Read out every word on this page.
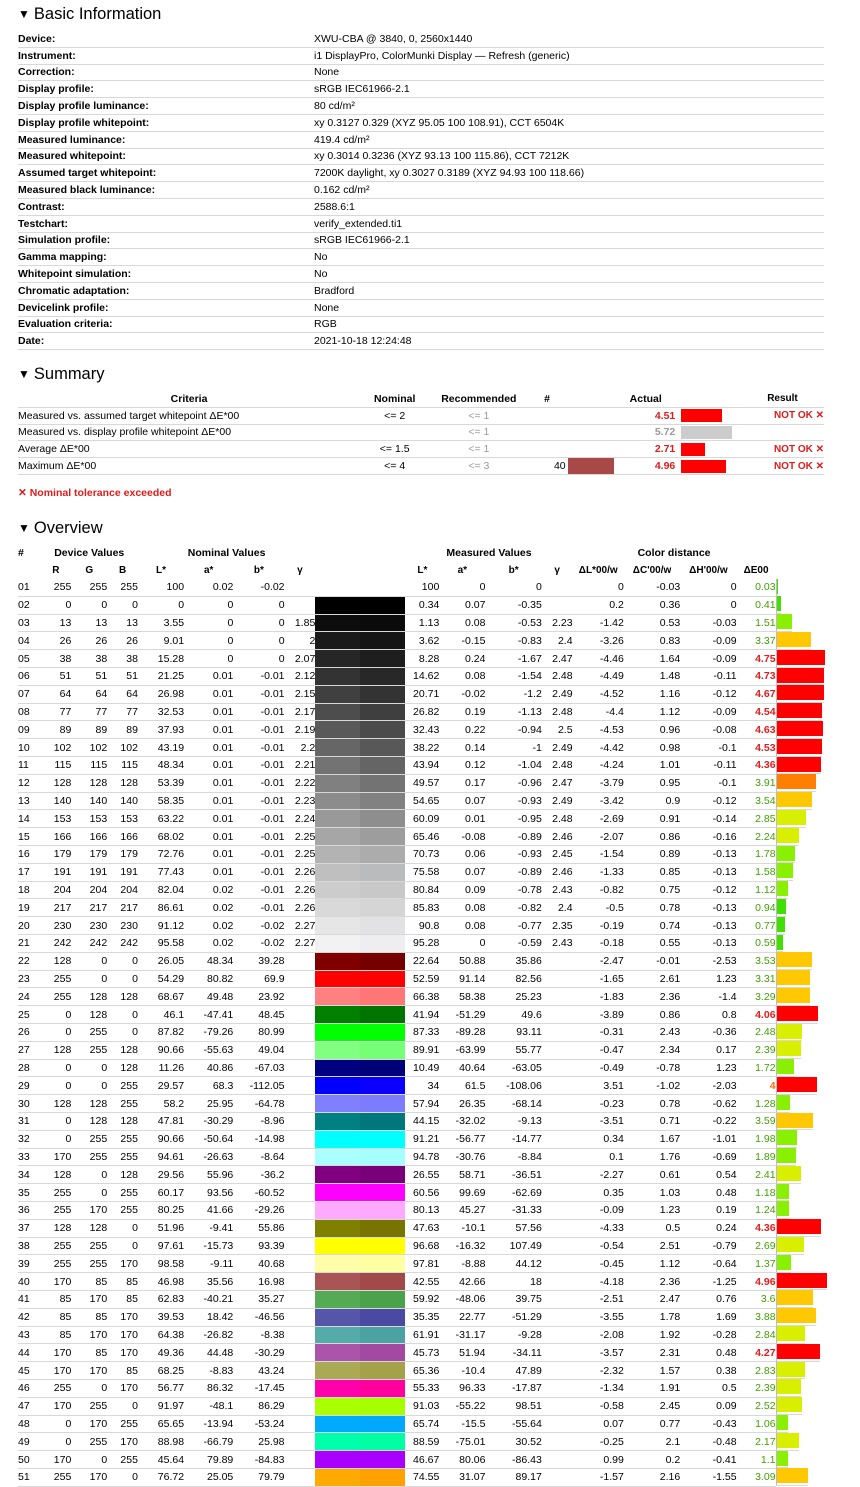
▼ Basic Information
Device:	XWU-CBA @ 3840, 0, 2560x1440
Instrument:	i1 DisplayPro, ColorMunki Display — Refresh (generic)
Correction:	None
Display profile:	sRGB IEC61966-2.1
Display profile luminance:	80 cd/m²
Display profile whitepoint:	xy 0.3127 0.329 (XYZ 95.05 100 108.91), CCT 6504K
Measured luminance:	419.4 cd/m²
Measured whitepoint:	xy 0.3014 0.3236 (XYZ 93.13 100 115.86), CCT 7212K
Assumed target whitepoint:	7200K daylight, xy 0.3027 0.3189 (XYZ 94.93 100 118.66)
Measured black luminance:	0.162 cd/m²
Contrast:	2588.6:1
Testchart:	verify_extended.ti1
Simulation profile:	sRGB IEC61966-2.1
Gamma mapping:	No
Whitepoint simulation:	No
Chromatic adaptation:	Bradford
Devicelink profile:	None
Evaluation criteria:	RGB
Date:	2021-10-18 12:24:48
▼ Summary
Criteria	Nominal	Recommended	#		Actual		Result
Measured vs. assumed target whitepoint ΔE*00	<= 2	<= 1			4.51		NOT OK ✕
Measured vs. display profile whitepoint ΔE*00		<= 1			5.72		
Average ΔE*00	<= 1.5	<= 1			2.71		NOT OK ✕
Maximum ΔE*00	<= 4	<= 3	40		4.96		NOT OK ✕
✕ Nominal tolerance exceeded
▼ Overview
#	Device Values			Nominal Values					Measured Values				Color distance				
	R	G	B	L*	a*	b*	γ		L*	a*	b*	γ	ΔL*00/w	ΔC'00/w	ΔH'00/w	ΔE00	
01	255	255	255	100	0.02	-0.02			100	0	0		0	-0.03	0	0.03	
02	0	0	0	0	0	0			0.34	0.07	-0.35		0.2	0.36	0	0.41	
03	13	13	13	3.55	0	0	1.85		1.13	0.08	-0.53	2.23	-1.42	0.53	-0.03	1.51	
04	26	26	26	9.01	0	0	2		3.62	-0.15	-0.83	2.4	-3.26	0.83	-0.09	3.37	
05	38	38	38	15.28	0	0	2.07		8.28	0.24	-1.67	2.47	-4.46	1.64	-0.09	4.75	
06	51	51	51	21.25	0.01	-0.01	2.12		14.62	0.08	-1.54	2.48	-4.49	1.48	-0.11	4.73	
07	64	64	64	26.98	0.01	-0.01	2.15		20.71	-0.02	-1.2	2.49	-4.52	1.16	-0.12	4.67	
08	77	77	77	32.53	0.01	-0.01	2.17		26.82	0.19	-1.13	2.48	-4.4	1.12	-0.09	4.54	
09	89	89	89	37.93	0.01	-0.01	2.19		32.43	0.22	-0.94	2.5	-4.53	0.96	-0.08	4.63	
10	102	102	102	43.19	0.01	-0.01	2.2		38.22	0.14	-1	2.49	-4.42	0.98	-0.1	4.53	
11	115	115	115	48.34	0.01	-0.01	2.21		43.94	0.12	-1.04	2.48	-4.24	1.01	-0.11	4.36	
12	128	128	128	53.39	0.01	-0.01	2.22		49.57	0.17	-0.96	2.47	-3.79	0.95	-0.1	3.91	
13	140	140	140	58.35	0.01	-0.01	2.23		54.65	0.07	-0.93	2.49	-3.42	0.9	-0.12	3.54	
14	153	153	153	63.22	0.01	-0.01	2.24		60.09	0.01	-0.95	2.48	-2.69	0.91	-0.14	2.85	
15	166	166	166	68.02	0.01	-0.01	2.25		65.46	-0.08	-0.89	2.46	-2.07	0.86	-0.16	2.24	
16	179	179	179	72.76	0.01	-0.01	2.25		70.73	0.06	-0.93	2.45	-1.54	0.89	-0.13	1.78	
17	191	191	191	77.43	0.01	-0.01	2.26		75.58	0.07	-0.89	2.46	-1.33	0.85	-0.13	1.58	
18	204	204	204	82.04	0.02	-0.01	2.26		80.84	0.09	-0.78	2.43	-0.82	0.75	-0.12	1.12	
19	217	217	217	86.61	0.02	-0.01	2.26		85.83	0.08	-0.82	2.4	-0.5	0.78	-0.13	0.94	
20	230	230	230	91.12	0.02	-0.02	2.27		90.8	0.08	-0.77	2.35	-0.19	0.74	-0.13	0.77	
21	242	242	242	95.58	0.02	-0.02	2.27		95.28	0	-0.59	2.43	-0.18	0.55	-0.13	0.59	
22	128	0	0	26.05	48.34	39.28			22.64	50.88	35.86		-2.47	-0.01	-2.53	3.53	
23	255	0	0	54.29	80.82	69.9			52.59	91.14	82.56		-1.65	2.61	1.23	3.31	
24	255	128	128	68.67	49.48	23.92			66.38	58.38	25.23		-1.83	2.36	-1.4	3.29	
25	0	128	0	46.1	-47.41	48.45			41.94	-51.29	49.6		-3.89	0.86	0.8	4.06	
26	0	255	0	87.82	-79.26	80.99			87.33	-89.28	93.11		-0.31	2.43	-0.36	2.48	
27	128	255	128	90.66	-55.63	49.04			89.91	-63.99	55.77		-0.47	2.34	0.17	2.39	
28	0	0	128	11.26	40.86	-67.03			10.49	40.64	-63.05		-0.49	-0.78	1.23	1.72	
29	0	0	255	29.57	68.3	-112.05			34	61.5	-108.06		3.51	-1.02	-2.03	4	
30	128	128	255	58.2	25.95	-64.78			57.94	26.35	-68.14		-0.23	0.78	-0.62	1.28	
31	0	128	128	47.81	-30.29	-8.96			44.15	-32.02	-9.13		-3.51	0.71	-0.22	3.59	
32	0	255	255	90.66	-50.64	-14.98			91.21	-56.77	-14.77		0.34	1.67	-1.01	1.98	
33	170	255	255	94.61	-26.63	-8.64			94.78	-30.76	-8.84		0.1	1.76	-0.69	1.89	
34	128	0	128	29.56	55.96	-36.2			26.55	58.71	-36.51		-2.27	0.61	0.54	2.41	
35	255	0	255	60.17	93.56	-60.52			60.56	99.69	-62.69		0.35	1.03	0.48	1.18	
36	255	170	255	80.25	41.66	-29.26			80.13	45.27	-31.33		-0.09	1.23	0.19	1.24	
37	128	128	0	51.96	-9.41	55.86			47.63	-10.1	57.56		-4.33	0.5	0.24	4.36	
38	255	255	0	97.61	-15.73	93.39			96.68	-16.32	107.49		-0.54	2.51	-0.79	2.69	
39	255	255	170	98.58	-9.11	40.68			97.81	-8.88	44.12		-0.45	1.12	-0.64	1.37	
40	170	85	85	46.98	35.56	16.98			42.55	42.66	18		-4.18	2.36	-1.25	4.96	
41	85	170	85	62.83	-40.21	35.27			59.92	-48.06	39.75		-2.51	2.47	0.76	3.6	
42	85	85	170	39.53	18.42	-46.56			35.35	22.77	-51.29		-3.55	1.78	1.69	3.88	
43	85	170	170	64.38	-26.82	-8.38			61.91	-31.17	-9.28		-2.08	1.92	-0.28	2.84	
44	170	85	170	49.36	44.48	-30.29			45.73	51.94	-34.11		-3.57	2.31	0.48	4.27	
45	170	170	85	68.25	-8.83	43.24			65.36	-10.4	47.89		-2.32	1.57	0.38	2.83	
46	255	0	170	56.77	86.32	-17.45			55.33	96.33	-17.87		-1.34	1.91	0.5	2.39	
47	170	255	0	91.97	-48.1	86.29			91.03	-55.22	98.51		-0.58	2.45	0.09	2.52	
48	0	170	255	65.65	-13.94	-53.24			65.74	-15.5	-55.64		0.07	0.77	-0.43	1.06	
49	0	255	170	88.98	-66.79	25.98			88.59	-75.01	30.52		-0.25	2.1	-0.48	2.17	
50	170	0	255	45.64	79.89	-84.83			46.67	80.06	-86.43		0.99	0.2	-0.41	1.1	
51	255	170	0	76.72	25.05	79.79			74.55	31.07	89.17		-1.57	2.16	-1.55	3.09	
